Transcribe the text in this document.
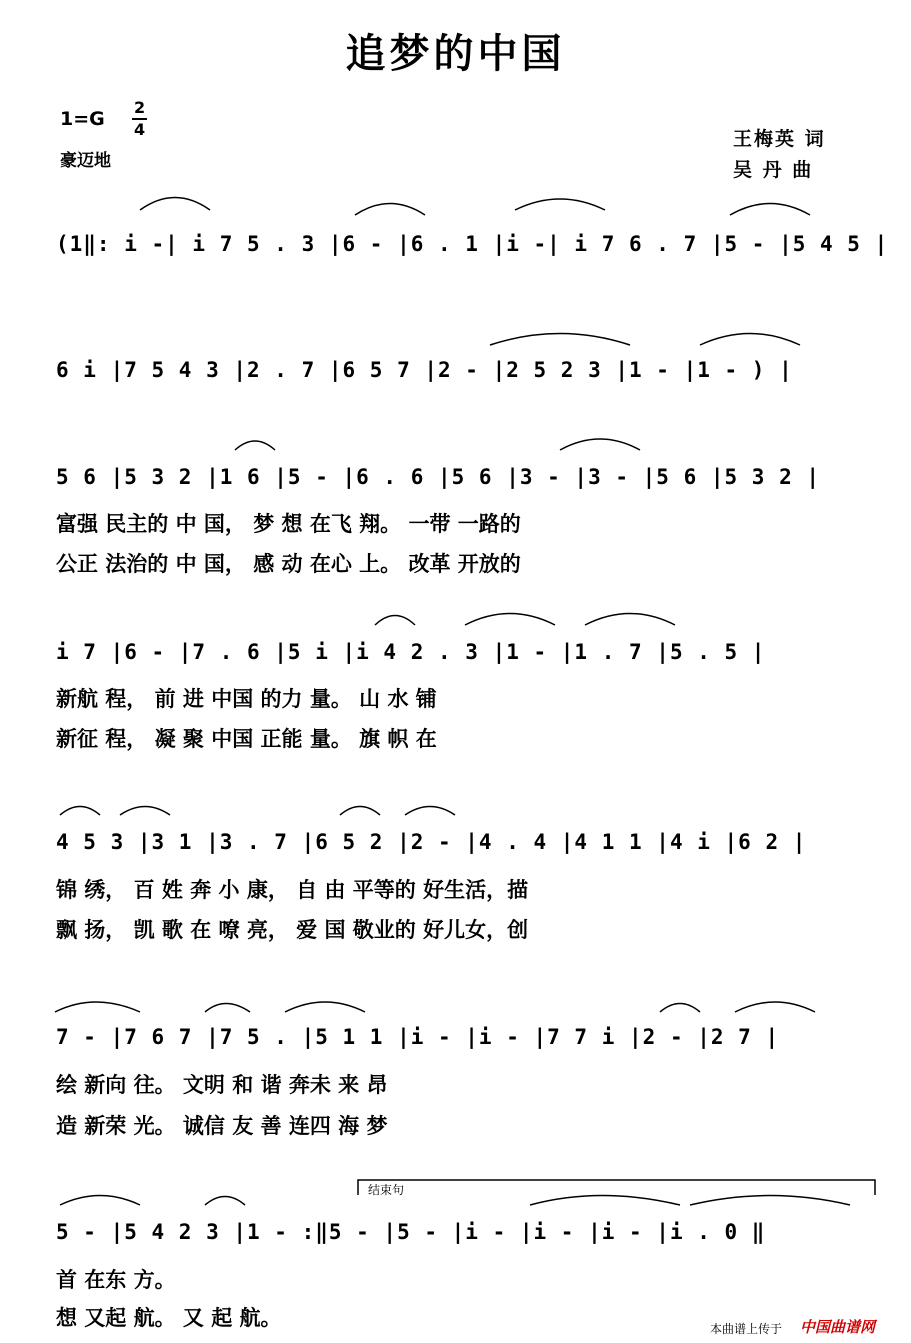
追梦的中国
1=G
2
4
豪迈地
王梅英 词
吴 丹 曲
(1‖: i -| i 7 5 . 3 |6 - |6 . 1 |i -| i 7 6 . 7 |5 - |5 4 5 |
6 i |7 5 4 3 |2 . 7 |6 5 7 |2 - |2 5 2 3 |1 - |1 - ) |
5 6 |5 3 2 |1 6 |5 - |6 . 6 |5 6 |3 - |3 - |5 6 |5 3 2 |
富强 民主的 中 国， 梦 想 在飞 翔。 一带 一路的
公正 法治的 中 国， 感 动 在心 上。 改革 开放的
i 7 |6 - |7 . 6 |5 i |i 4 2 . 3 |1 - |1 . 7 |5 . 5 |
新航 程， 前 进 中国 的力 量。 山 水 铺
新征 程， 凝 聚 中国 正能 量。 旗 帜 在
4 5 3 |3 1 |3 . 7 |6 5 2 |2 - |4 . 4 |4 1 1 |4 i |6 2 |
锦 绣， 百 姓 奔 小 康， 自 由 平等的 好生活，描
飘 扬， 凯 歌 在 嘹 亮， 爱 国 敬业的 好儿女，创
7 - |7 6 7 |7 5 . |5 1 1 |i - |i - |7 7 i |2 - |2 7 |
绘 新向 往。 文明 和 谐 奔未 来 昂
造 新荣 光。 诚信 友 善 连四 海 梦
结束句
5 - |5 4 2 3 |1 - :‖5 - |5 - |i - |i - |i - |i . 0 ‖
首 在东 方。
想 又起 航。 又 起 航。	本曲谱上传于 中国曲谱网
